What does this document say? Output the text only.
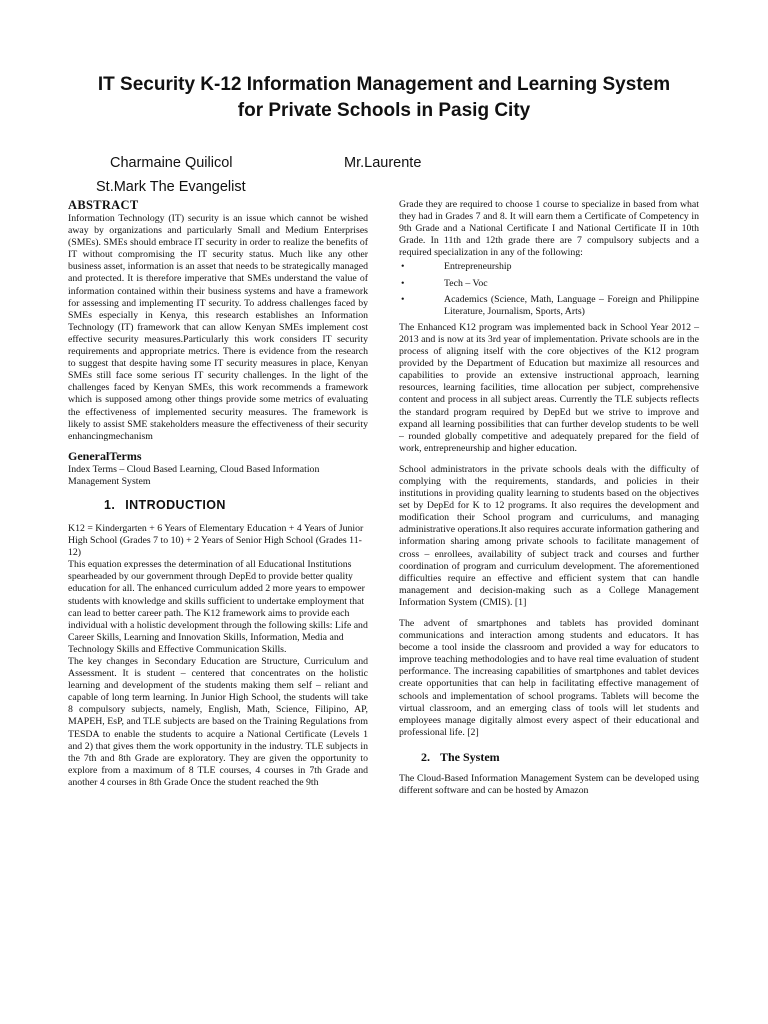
IT Security K-12 Information Management and Learning System
for Private Schools in Pasig City

Charmaine Quilicol	Mr.Laurente

St.Mark The Evangelist

ABSTRACT

Information Technology (IT) security is an issue which cannot be wished away by organizations and particularly Small and Medium Enterprises (SMEs). SMEs should embrace IT security in order to realize the benefits of IT without compromising the IT security status. Much like any other business asset, information is an asset that needs to be strategically managed and protected. It is therefore imperative that SMEs understand the value of information contained within their business systems and have a framework for assessing and implementing IT security. To address challenges faced by SMEs especially in Kenya, this research establishes an Information Technology (IT) framework that can allow Kenyan SMEs implement cost effective security measures.Particularly this work considers IT security requirements and appropriate metrics. There is evidence from the research to suggest that despite having some IT security measures in place, Kenyan SMEs still face some serious IT security challenges. In the light of the challenges faced by Kenyan SMEs, this work recommends a framework which is supposed among other things provide some metrics of evaluating the effectiveness of implemented security measures. The framework is likely to assist SME stakeholders measure the effectiveness of their security enhancingmechanism

GeneralTerms

Index Terms – Cloud Based Learning, Cloud Based Information Management System

1. INTRODUCTION

K12 = Kindergarten + 6 Years of Elementary Education + 4 Years of Junior High School (Grades 7 to 10) + 2 Years of Senior High School (Grades 11-12)

This equation expresses the determination of all Educational Institutions spearheaded by our government through DepEd to provide better quality education for all. The enhanced curriculum added 2 more years to empower students with knowledge and skills sufficient to undertake employment that can lead to better career path. The K12 framework aims to provide each individual with a holistic development through the following skills: Life and Career Skills, Learning and Innovation Skills, Information, Media and Technology Skills and Effective Communication Skills.

The key changes in Secondary Education are Structure, Curriculum and Assessment. It is student – centered that concentrates on the holistic learning and development of the students making them self – reliant and capable of long term learning. In Junior High School, the students will take 8 compulsory subjects, namely, English, Math, Science, Filipino, AP, MAPEH, EsP, and TLE subjects are based on the Training Regulations from TESDA to enable the students to acquire a National Certificate (Levels 1 and 2) that gives them the work opportunity in the industry. TLE subjects in the 7th and 8th Grade are exploratory. They are given the opportunity to explore from a maximum of 8 TLE courses, 4 courses in 7th Grade and another 4 courses in 8th Grade Once the student reached the 9th

Grade they are required to choose 1 course to specialize in based from what they had in Grades 7 and 8. It will earn them a Certificate of Competency in 9th Grade and a National Certificate I and National Certificate II in 10th Grade. In 11th and 12th grade there are 7 compulsory subjects and a required specialization in any of the following:

•	Entrepreneurship
•	Tech – Voc
•	Academics (Science, Math, Language – Foreign and Philippine Literature, Journalism, Sports, Arts)

The Enhanced K12 program was implemented back in School Year 2012 – 2013 and is now at its 3rd year of implementation. Private schools are in the process of aligning itself with the core objectives of the K12 program provided by the Department of Education but maximize all resources and capabilities to provide an extensive instructional approach, learning resources, learning facilities, time allocation per subject, comprehensive content and process in all subject areas. Currently the TLE subjects reflects the standard program required by DepEd but we strive to improve and expand all learning possibilities that can further develop students to be well – rounded globally competitive and adequately prepared for the field of work, entrepreneurship and higher education.

School administrators in the private schools deals with the difficulty of complying with the requirements, standards, and policies in their institutions in providing quality learning to students based on the objectives set by DepEd for K to 12 programs. It also requires the development and modification their School program and curriculums, and managing administrative operations.It also requires accurate information gathering and information sharing among private schools to facilitate management of cross – enrollees, availability of subject track and courses and further coordination of program and curriculum development. The aforementioned difficulties require an effective and efficient system that can handle management and decision-making such as a College Management Information System (CMIS). [1]

The advent of smartphones and tablets has provided dominant communications and interaction among students and educators. It has become a tool inside the classroom and provided a way for educators to improve teaching methodologies and to have real time evaluation of student performance. The increasing capabilities of smartphones and tablet devices create opportunities that can help in facilitating effective management of schools and implementation of school programs. Tablets will become the virtual classroom, and an emerging class of tools will let students and employees manage digitally almost every aspect of their educational and professional life. [2]

2. The System

The Cloud-Based Information Management System can be developed using different software and can be hosted by Amazon
